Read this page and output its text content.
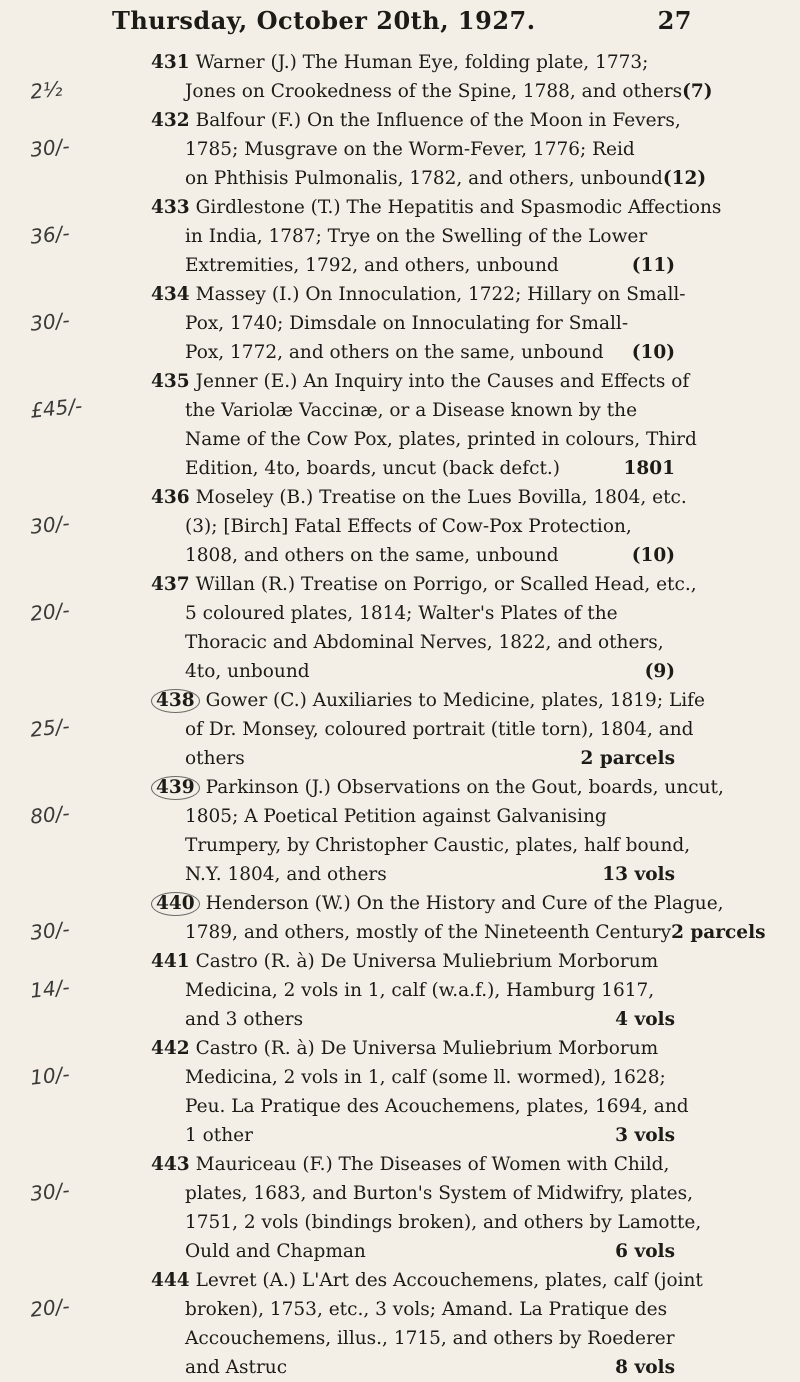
Thursday, October 20th, 1927.	27
2½
431 Warner (J.) The Human Eye, folding plate, 1773;
Jones on Crookedness of the Spine, 1788, and others (7)
30/-
432 Balfour (F.) On the Influence of the Moon in Fevers,
1785; Musgrave on the Worm-Fever, 1776; Reid
on Phthisis Pulmonalis, 1782, and others, unbound (12)
36/-
433 Girdlestone (T.) The Hepatitis and Spasmodic Affections
in India, 1787; Trye on the Swelling of the Lower
Extremities, 1792, and others, unbound	(11)
30/-
434 Massey (I.) On Innoculation, 1722; Hillary on Small-
Pox, 1740; Dimsdale on Innoculating for Small-
Pox, 1772, and others on the same, unbound (10)
£45/-
435 Jenner (E.) An Inquiry into the Causes and Effects of
the Variolæ Vaccinæ, or a Disease known by the
Name of the Cow Pox, plates, printed in colours, Third
Edition, 4to, boards, uncut (back defct.)	1801
30/-
436 Moseley (B.) Treatise on the Lues Bovilla, 1804, etc.
(3); [Birch] Fatal Effects of Cow-Pox Protection,
1808, and others on the same, unbound	(10)
20/-
437 Willan (R.) Treatise on Porrigo, or Scalled Head, etc.,
5 coloured plates, 1814; Walter's Plates of the
Thoracic and Abdominal Nerves, 1822, and others,
4to, unbound	(9)
25/-
438 Gower (C.) Auxiliaries to Medicine, plates, 1819; Life
of Dr. Monsey, coloured portrait (title torn), 1804, and
others	2 parcels
80/-
439 Parkinson (J.) Observations on the Gout, boards, uncut,
1805; A Poetical Petition against Galvanising
Trumpery, by Christopher Caustic, plates, half bound,
N.Y. 1804, and others	13 vols
30/-
440 Henderson (W.) On the History and Cure of the Plague,
1789, and others, mostly of the Nineteenth Century 2 parcels
14/-
441 Castro (R. à) De Universa Muliebrium Morborum
Medicina, 2 vols in 1, calf (w.a.f.), Hamburg 1617,
and 3 others	4 vols
10/-
442 Castro (R. à) De Universa Muliebrium Morborum
Medicina, 2 vols in 1, calf (some ll. wormed), 1628;
Peu. La Pratique des Acouchemens, plates, 1694, and
1 other	3 vols
30/-
443 Mauriceau (F.) The Diseases of Women with Child,
plates, 1683, and Burton's System of Midwifry, plates,
1751, 2 vols (bindings broken), and others by Lamotte,
Ould and Chapman	6 vols
20/-
444 Levret (A.) L'Art des Accouchemens, plates, calf (joint
broken), 1753, etc., 3 vols; Amand. La Pratique des
Accouchemens, illus., 1715, and others by Roederer
and Astruc	8 vols
